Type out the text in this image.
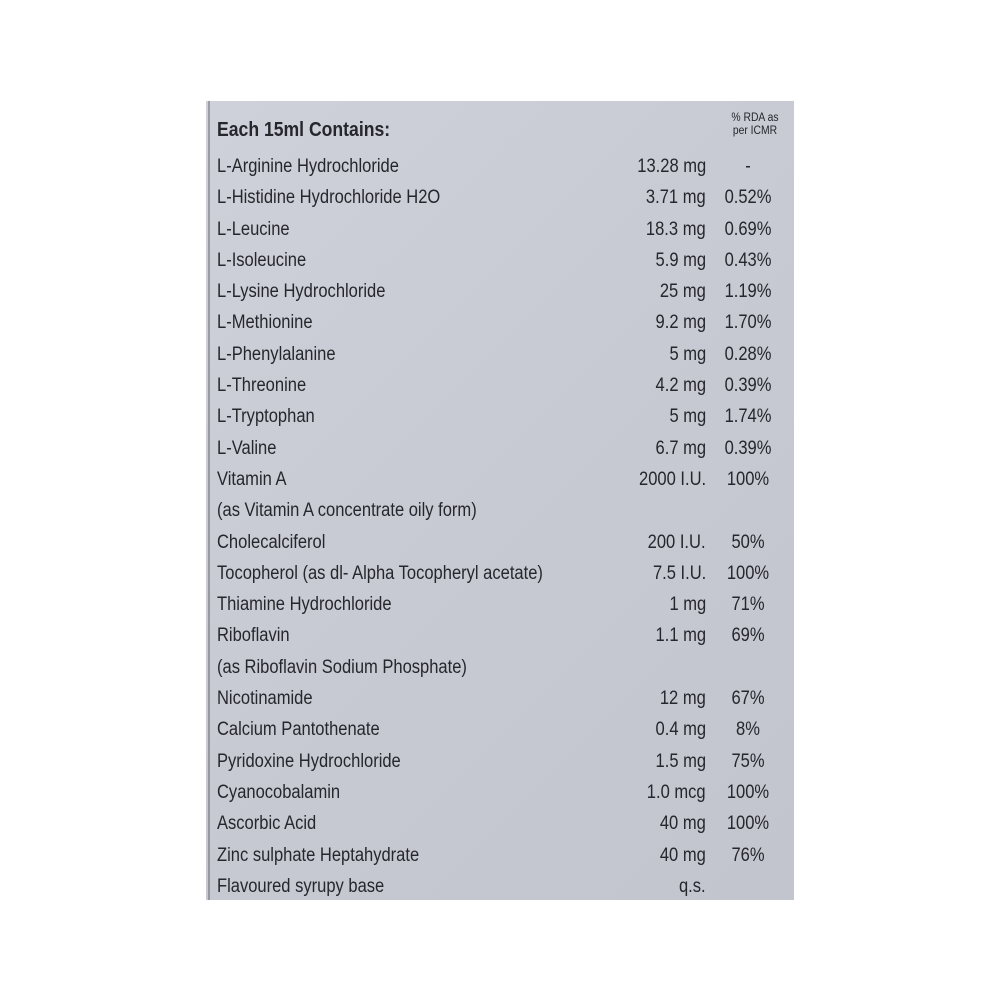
Each 15ml Contains:
% RDA as per ICMR
L-Arginine Hydrochloride	13.28 mg	-
L-Histidine Hydrochloride H2O	3.71 mg 0.52%
L-Leucine	18.3 mg 0.69%
L-Isoleucine	5.9 mg 0.43%
L-Lysine Hydrochloride	25 mg 1.19%
L-Methionine	9.2 mg 1.70%
L-Phenylalanine	5 mg 0.28%
L-Threonine	4.2 mg 0.39%
L-Tryptophan	5 mg 1.74%
L-Valine	6.7 mg 0.39%
Vitamin A	2000 I.U.	100%
(as Vitamin A concentrate oily form)
Cholecalciferol	200 I.U.	50%
Tocopherol (as dl- Alpha Tocopheryl acetate)	7.5 I.U.	100%
Thiamine Hydrochloride	1 mg	71%
Riboflavin	1.1 mg	69%
(as Riboflavin Sodium Phosphate)
Nicotinamide	12 mg	67%
Calcium Pantothenate	0.4 mg	8%
Pyridoxine Hydrochloride	1.5 mg	75%
Cyanocobalamin	1.0 mcg	100%
Ascorbic Acid	40 mg	100%
Zinc sulphate Heptahydrate	40 mg	76%
Flavoured syrupy base	q.s.
